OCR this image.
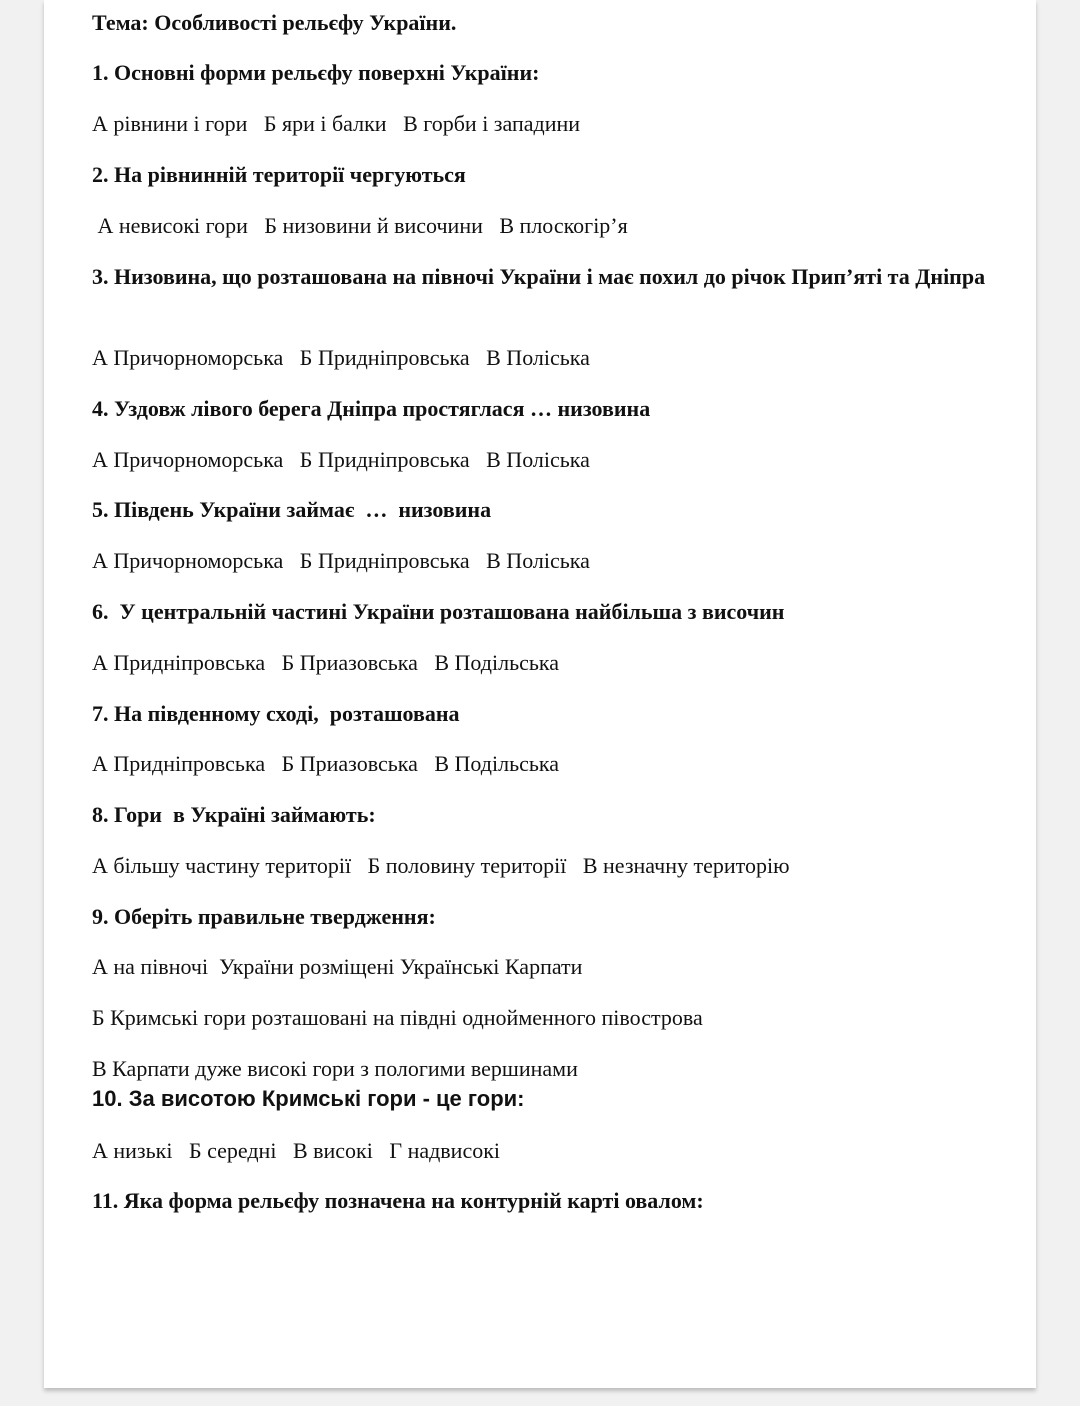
Тема: Особливості рельєфу України.

1. Основні форми рельєфу поверхні України:

А рівнини і гори   Б яри і балки   В горби і западини

2. На рівнинній території чергуються

А невисокі гори   Б низовини й височини   В плоскогір’я

3. Низовина, що розташована на півночі України і має похил до річок Прип’яті та Дніпра

А Причорноморська   Б Придніпровська   В Поліська

4. Уздовж лівого берега Дніпра простяглася … низовина

А Причорноморська   Б Придніпровська   В Поліська

5. Південь України займає  …  низовина

А Причорноморська   Б Придніпровська   В Поліська

6.  У центральній частині України розташована найбільша з височин

А Придніпровська   Б Приазовська   В Подільська

7. На південному сході,  розташована

А Придніпровська   Б Приазовська   В Подільська

8. Гори  в Україні займають:

А більшу частину території   Б половину території   В незначну територію

9. Оберіть правильне твердження:

А на півночі  України розміщені Українські Карпати

Б Кримські гори розташовані на півдні однойменного півострова

В Карпати дуже високі гори з пологими вершинами

10. За висотою Кримські гори - це гори:

А низькі   Б середні   В високі   Г надвисокі

11. Яка форма рельєфу позначена на контурній карті овалом:
